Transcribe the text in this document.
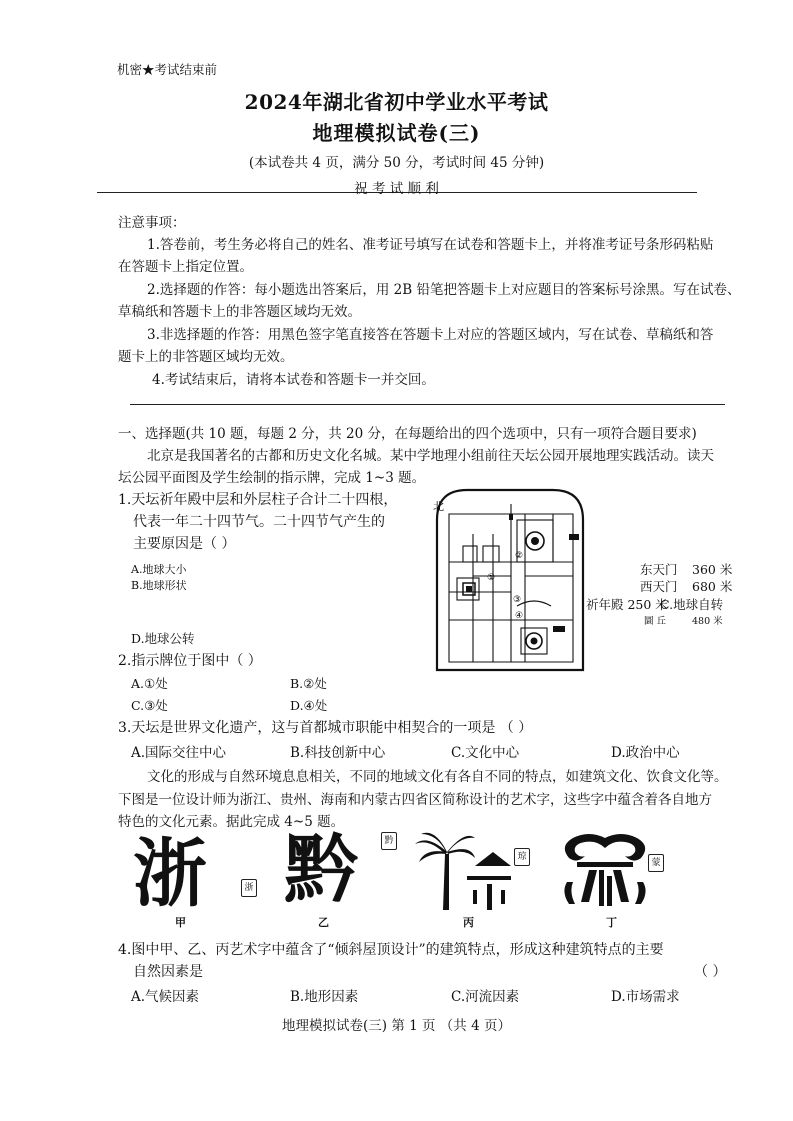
机密★考试结束前
2024年湖北省初中学业水平考试
地理模拟试卷(三)
(本试卷共 4 页，满分 50 分，考试时间 45 分钟)
祝 考 试 顺 利
注意事项：
1.答卷前，考生务必将自己的姓名、准考证号填写在试卷和答题卡上，并将准考证号条形码粘贴
在答题卡上指定位置。
2.选择题的作答：每小题选出答案后，用 2B 铅笔把答题卡上对应题目的答案标号涂黑。写在试卷、
草稿纸和答题卡上的非答题区域均无效。
3.非选择题的作答：用黑色签字笔直接答在答题卡上对应的答题区域内，写在试卷、草稿纸和答
题卡上的非答题区域均无效。
4.考试结束后，请将本试卷和答题卡一并交回。
一、选择题(共 10 题，每题 2 分，共 20 分，在每题给出的四个选项中，只有一项符合题目要求)
北京是我国著名的古都和历史文化名城。某中学地理小组前往天坛公园开展地理实践活动。读天
坛公园平面图及学生绘制的指示牌，完成 1~3 题。
1.天坛祈年殿中层和外层柱子合计二十四根，
代表一年二十四节气。二十四节气产生的
主要原因是（ ）
A.地球大小
B.地球形状
D.地球公转
北
①
②
③
④
东天门 360 米
西天门 680 米
祈年殿 250 米
C.地球自转
圜 丘	480 米
2.指示牌位于图中（ ）
A.①处	B.②处
C.③处	D.④处
3.天坛是世界文化遗产，这与首都城市职能中相契合的一项是 （ ）
A.国际交往中心	B.科技创新中心	C.文化中心	D.政治中心
文化的形成与自然环境息息相关，不同的地域文化有各自不同的特点，如建筑文化、饮食文化等。
下图是一位设计师为浙江、贵州、海南和内蒙古四省区简称设计的艺术字，这些字中蕴含着各自地方
特色的文化元素。据此完成 4~5 题。
浙	浙 黔	黔
琼
蒙
甲	乙	丙	丁
4.图中甲、乙、丙艺术字中蕴含了“倾斜屋顶设计”的建筑特点，形成这种建筑特点的主要
自然因素是	（ ）
A.气候因素	B.地形因素	C.河流因素	D.市场需求
地理模拟试卷(三) 第 1 页 （共 4 页）
